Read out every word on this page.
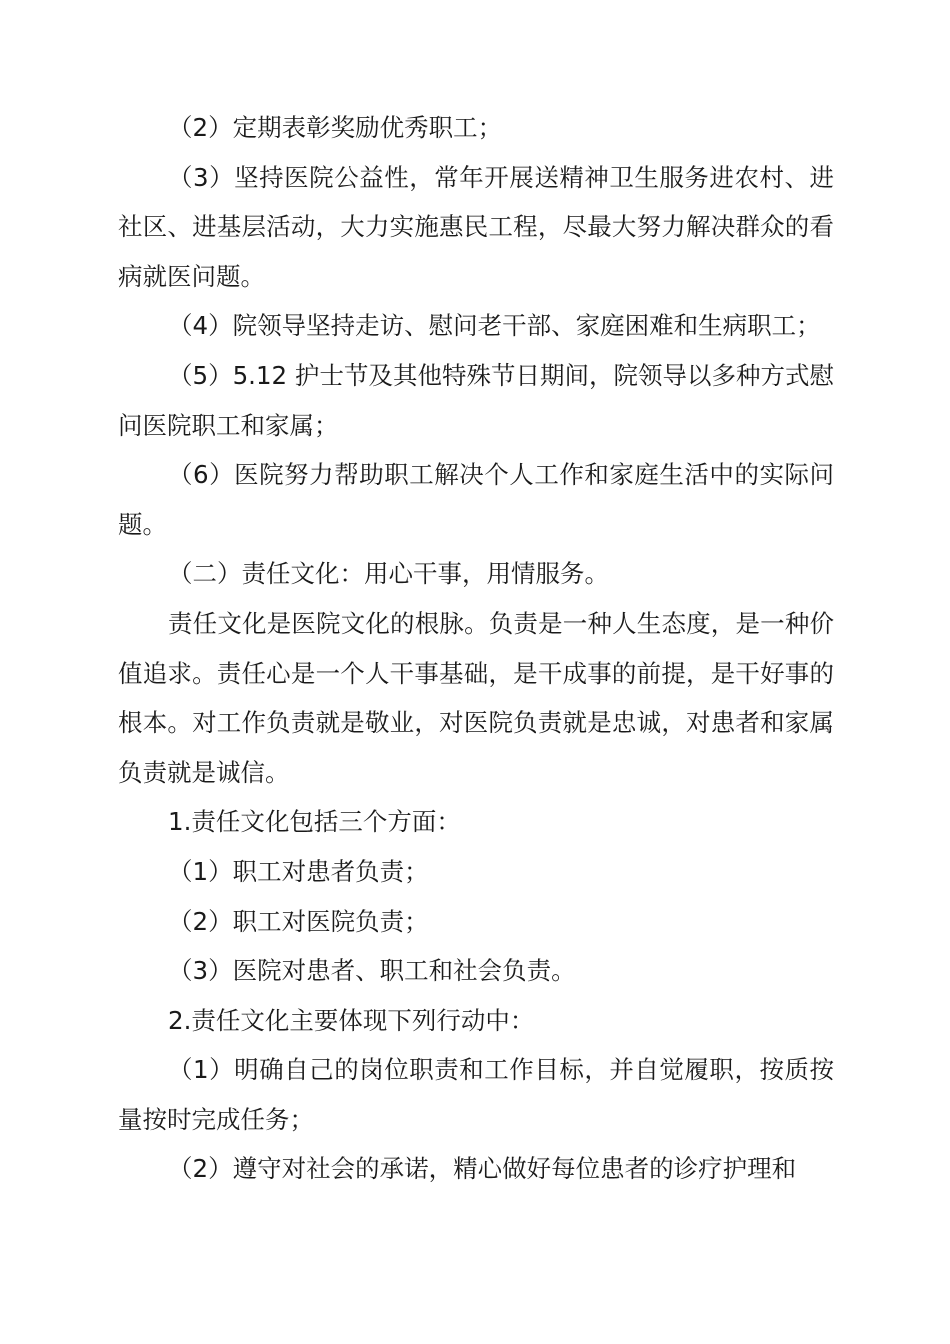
（2）定期表彰奖励优秀职工；

（3）坚持医院公益性，常年开展送精神卫生服务进农村、进社区、进基层活动，大力实施惠民工程，尽最大努力解决群众的看病就医问题。

（4）院领导坚持走访、慰问老干部、家庭困难和生病职工；

（5）5.12 护士节及其他特殊节日期间，院领导以多种方式慰问医院职工和家属；

（6）医院努力帮助职工解决个人工作和家庭生活中的实际问题。

（二）责任文化：用心干事，用情服务。

责任文化是医院文化的根脉。负责是一种人生态度，是一种价值追求。责任心是一个人干事基础，是干成事的前提，是干好事的根本。对工作负责就是敬业，对医院负责就是忠诚，对患者和家属负责就是诚信。

1.责任文化包括三个方面：

（1）职工对患者负责；

（2）职工对医院负责；

（3）医院对患者、职工和社会负责。

2.责任文化主要体现下列行动中：

（1）明确自己的岗位职责和工作目标，并自觉履职，按质按量按时完成任务；

（2）遵守对社会的承诺，精心做好每位患者的诊疗护理和
